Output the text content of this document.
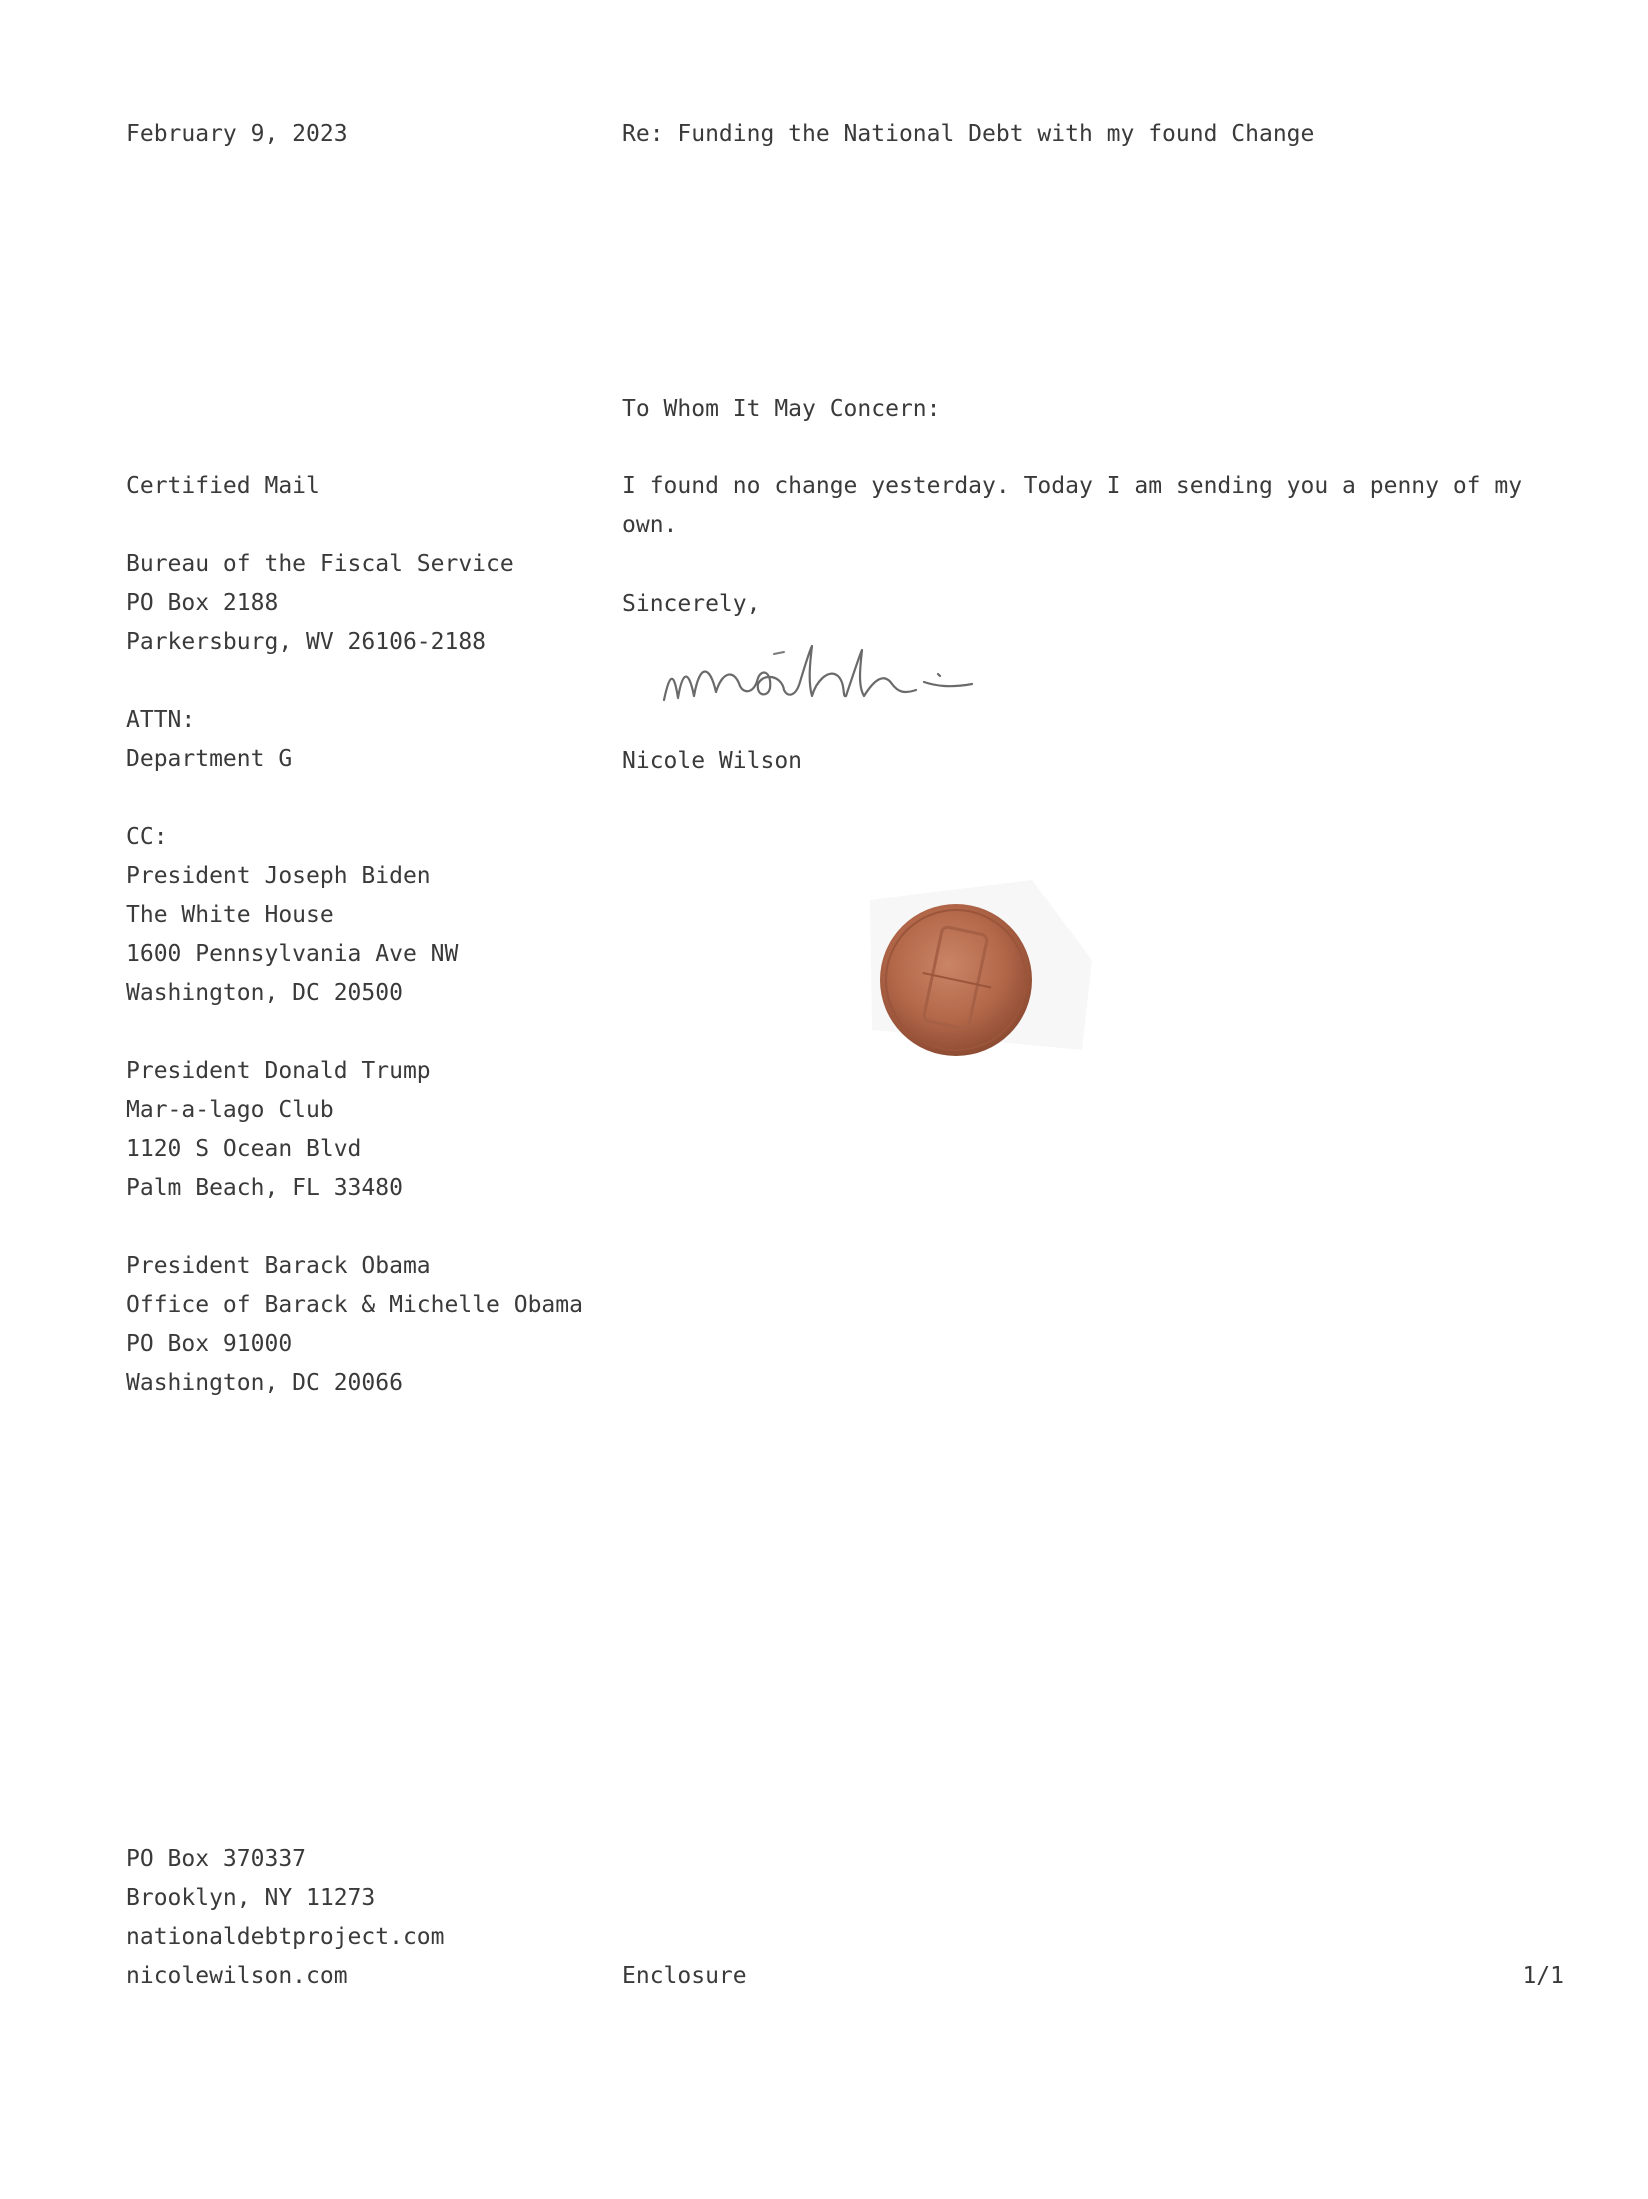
February 9, 2023	Re: Funding the National Debt with my found Change
To Whom It May Concern:
I found no change yesterday. Today I am sending you a penny of my own.
Sincerely,
Nicole Wilson
Certified Mail
Bureau of the Fiscal Service
PO Box 2188
Parkersburg, WV 26106-2188
ATTN:
Department G
CC:
President Joseph Biden
The White House
1600 Pennsylvania Ave NW
Washington, DC 20500
President Donald Trump
Mar-a-lago Club
1120 S Ocean Blvd
Palm Beach, FL 33480
President Barack Obama
Office of Barack & Michelle Obama
PO Box 91000
Washington, DC 20066
PO Box 370337
Brooklyn, NY 11273
nationaldebtproject.com
nicolewilson.com	Enclosure	1/1
